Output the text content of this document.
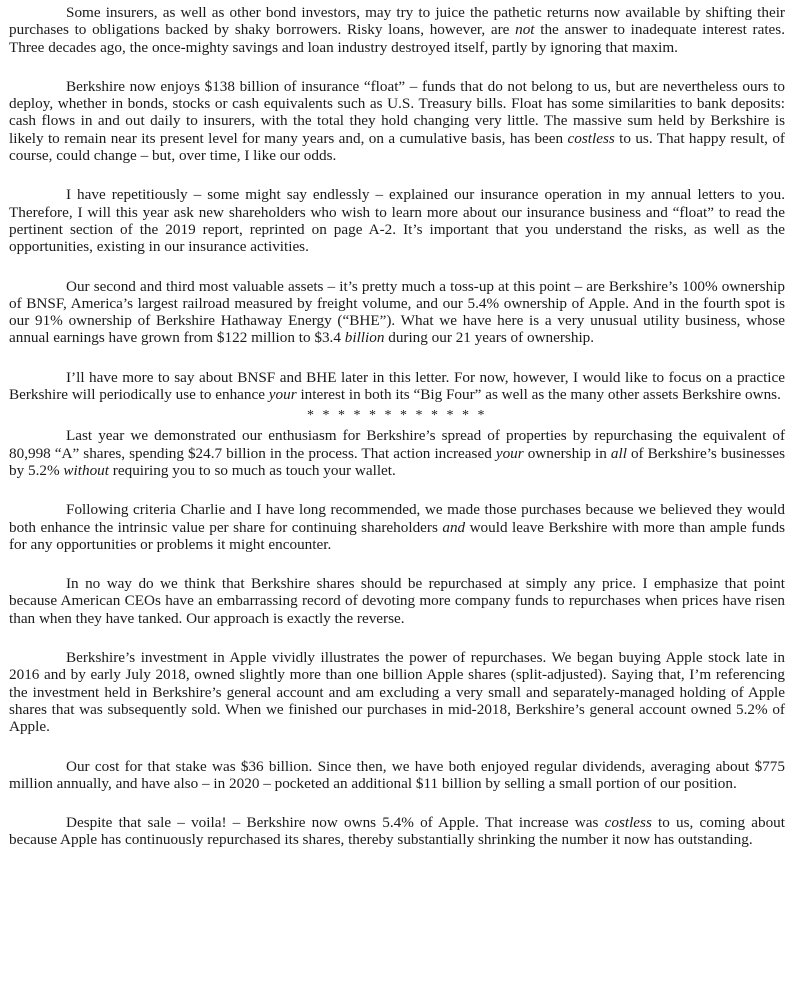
Some insurers, as well as other bond investors, may try to juice the pathetic returns now available by shifting their purchases to obligations backed by shaky borrowers. Risky loans, however, are not the answer to inadequate interest rates. Three decades ago, the once-mighty savings and loan industry destroyed itself, partly by ignoring that maxim.

Berkshire now enjoys $138 billion of insurance “float” – funds that do not belong to us, but are nevertheless ours to deploy, whether in bonds, stocks or cash equivalents such as U.S. Treasury bills. Float has some similarities to bank deposits: cash flows in and out daily to insurers, with the total they hold changing very little. The massive sum held by Berkshire is likely to remain near its present level for many years and, on a cumulative basis, has been costless to us. That happy result, of course, could change – but, over time, I like our odds.

I have repetitiously – some might say endlessly – explained our insurance operation in my annual letters to you. Therefore, I will this year ask new shareholders who wish to learn more about our insurance business and “float” to read the pertinent section of the 2019 report, reprinted on page A-2. It’s important that you understand the risks, as well as the opportunities, existing in our insurance activities.

Our second and third most valuable assets – it’s pretty much a toss-up at this point – are Berkshire’s 100% ownership of BNSF, America’s largest railroad measured by freight volume, and our 5.4% ownership of Apple. And in the fourth spot is our 91% ownership of Berkshire Hathaway Energy (“BHE”). What we have here is a very unusual utility business, whose annual earnings have grown from $122 million to $3.4 billion during our 21 years of ownership.

I’ll have more to say about BNSF and BHE later in this letter. For now, however, I would like to focus on a practice Berkshire will periodically use to enhance your interest in both its “Big Four” as well as the many other assets Berkshire owns.

* * * * * * * * * * * *

Last year we demonstrated our enthusiasm for Berkshire’s spread of properties by repurchasing the equivalent of 80,998 “A” shares, spending $24.7 billion in the process. That action increased your ownership in all of Berkshire’s businesses by 5.2% without requiring you to so much as touch your wallet.

Following criteria Charlie and I have long recommended, we made those purchases because we believed they would both enhance the intrinsic value per share for continuing shareholders and would leave Berkshire with more than ample funds for any opportunities or problems it might encounter.

In no way do we think that Berkshire shares should be repurchased at simply any price. I emphasize that point because American CEOs have an embarrassing record of devoting more company funds to repurchases when prices have risen than when they have tanked. Our approach is exactly the reverse.

Berkshire’s investment in Apple vividly illustrates the power of repurchases. We began buying Apple stock late in 2016 and by early July 2018, owned slightly more than one billion Apple shares (split-adjusted). Saying that, I’m referencing the investment held in Berkshire’s general account and am excluding a very small and separately-managed holding of Apple shares that was subsequently sold. When we finished our purchases in mid-2018, Berkshire’s general account owned 5.2% of Apple.

Our cost for that stake was $36 billion. Since then, we have both enjoyed regular dividends, averaging about $775 million annually, and have also – in 2020 – pocketed an additional $11 billion by selling a small portion of our position.

Despite that sale – voila! – Berkshire now owns 5.4% of Apple. That increase was costless to us, coming about because Apple has continuously repurchased its shares, thereby substantially shrinking the number it now has outstanding.
